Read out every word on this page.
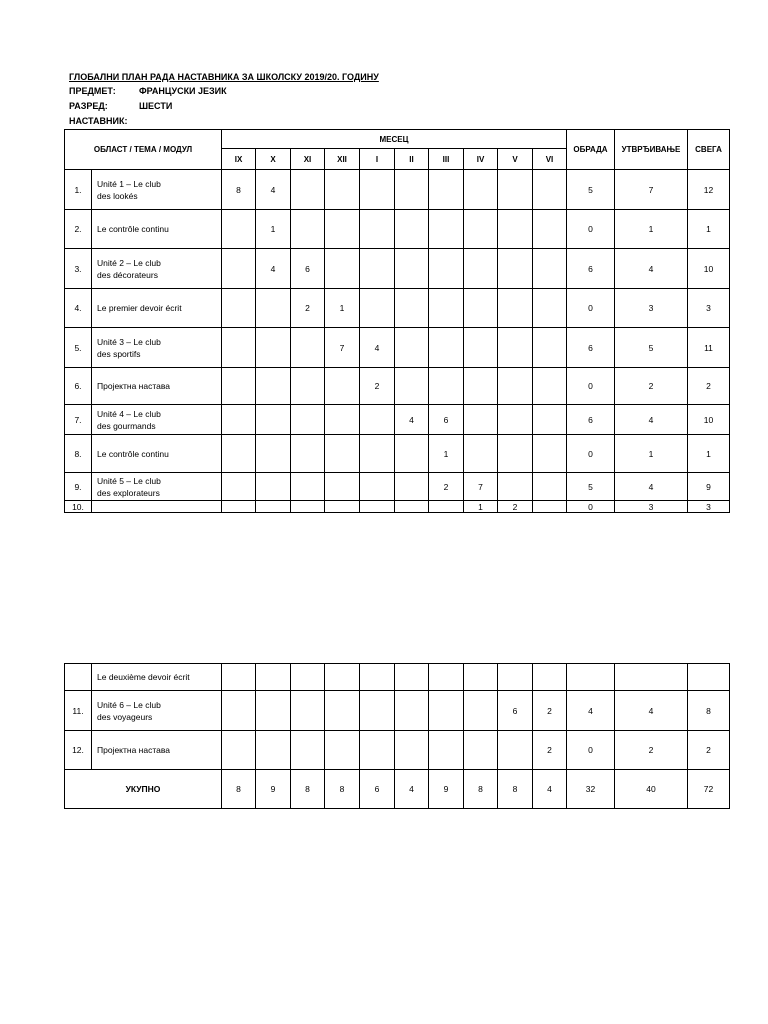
ГЛОБАЛНИ ПЛАН РАДА НАСТАВНИКА ЗА ШКОЛСКУ 2019/20. ГОДИНУ
ПРЕДМЕТ:	ФРАНЦУСКИ ЈЕЗИК
РАЗРЕД:	ШЕСТИ
НАСТАВНИК:
ОБЛАСТ / ТЕМА / МОДУЛ		МЕСЕЦ										ОБРАДА	УТВРЂИВАЊЕ	СВЕГА
		IX	X	XI	XII	I	II	III	IV	V	VI			
1.	Unité 1 – Le club
des lookés	8	4									5	7	12
2.	Le contrôle continu		1									0	1	1
3.	Unité 2 – Le club
des décorateurs		4	6								6	4	10
4.	Le premier devoir écrit			2	1							0	3	3
5.	Unité 3 – Le club
des sportifs				7	4						6	5	11
6.	Пројектна настава					2						0	2	2
7.	Unité 4 – Le club
des gourmands						4	6				6	4	10
8.	Le contrôle continu							1				0	1	1
9.	Unité 5 – Le club
des explorateurs							2	7			5	4	9
10.									1	2		0	3	3

	Le deuxième devoir écrit													

11.	Unité 6 – Le club
des voyageurs									6	2	4	4	8
12.	Пројектна настава										2	0	2	2
УКУПНО		8	9	8	8	6	4	9	8	8	4	32	40	72
